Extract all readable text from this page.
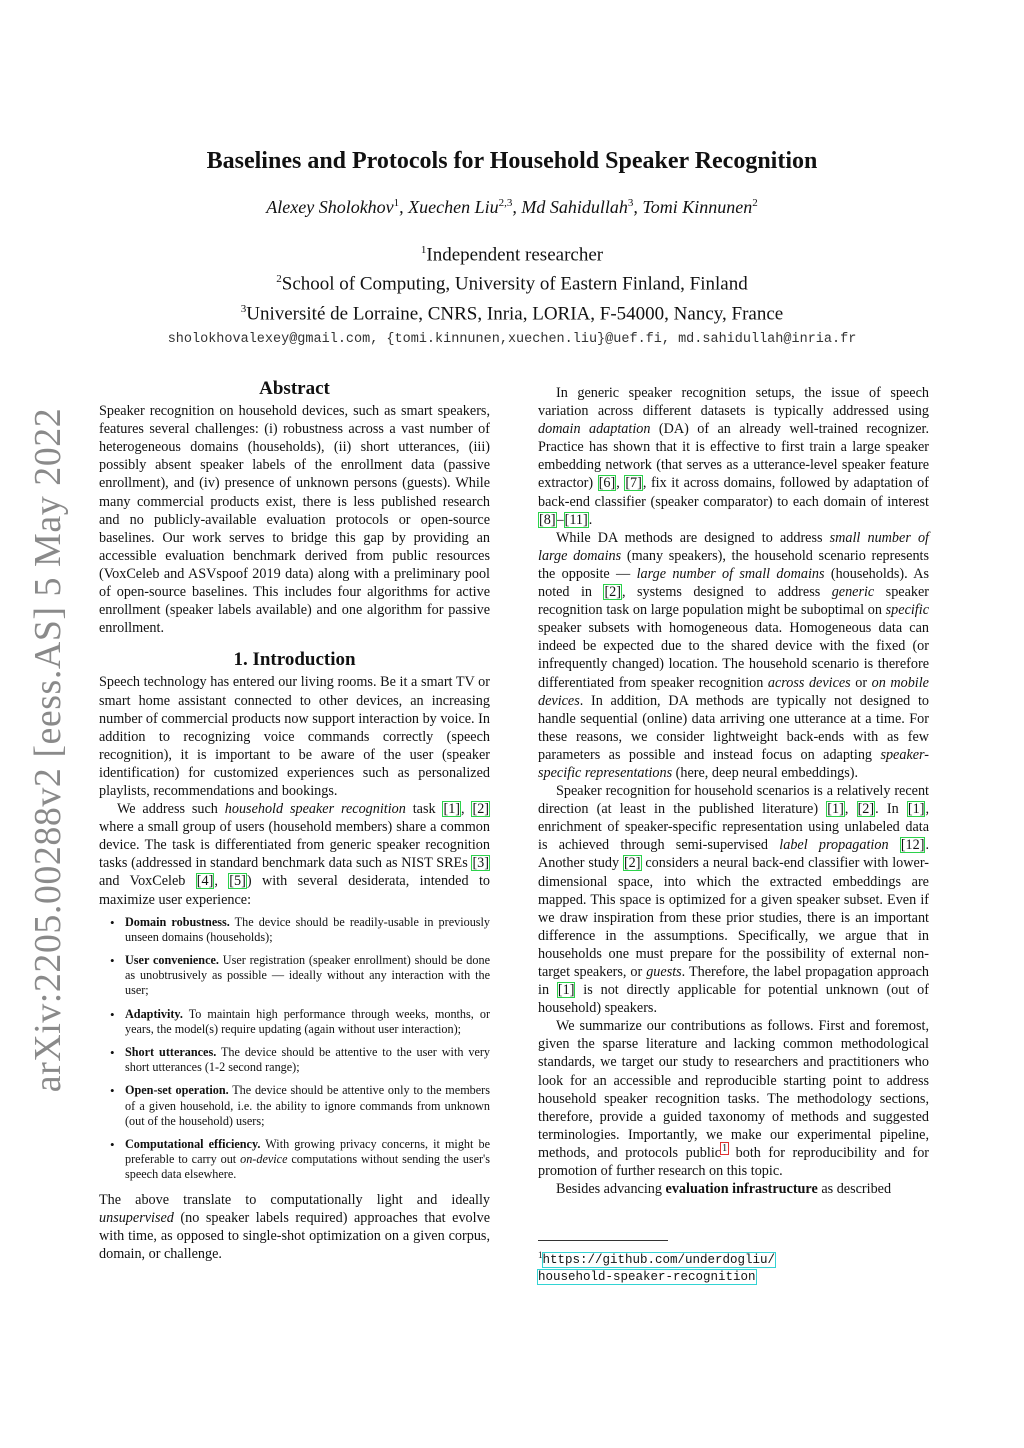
arXiv:2205.00288v2 [eess.AS] 5 May 2022
Baselines and Protocols for Household Speaker Recognition
Alexey Sholokhov$^1$, Xuechen Liu$^{2,3}$, Md Sahidullah$^3$, Tomi Kinnunen$^2$
$^1$Independent researcher
$^2$School of Computing, University of Eastern Finland, Finland
$^3$Université de Lorraine, CNRS, Inria, LORIA, F-54000, Nancy, France
sholokhovalexey@gmail.com, {tomi.kinnunen,xuechen.liu}@uef.fi, md.sahidullah@inria.fr
Abstract

Speaker recognition on household devices, such as smart speakers, features several challenges: (i) robustness across a vast number of heterogeneous domains (households), (ii) short utterances, (iii) possibly absent speaker labels of the enrollment data (passive enrollment), and (iv) presence of unknown persons (guests). While many commercial products exist, there is less published research and no publicly-available evaluation protocols or open-source baselines. Our work serves to bridge this gap by providing an accessible evaluation benchmark derived from public resources (VoxCeleb and ASVspoof 2019 data) along with a preliminary pool of open-source baselines. This includes four algorithms for active enrollment (speaker labels available) and one algorithm for passive enrollment.

1. Introduction

Speech technology has entered our living rooms. Be it a smart TV or smart home assistant connected to other devices, an increasing number of commercial products now support interaction by voice. In addition to recognizing voice commands correctly (speech recognition), it is important to be aware of the user (speaker identification) for customized experiences such as personalized playlists, recommendations and bookings.

We address such household speaker recognition task [1], [2] where a small group of users (household members) share a common device. The task is differentiated from generic speaker recognition tasks (addressed in standard benchmark data such as NIST SREs [3] and VoxCeleb [4], [5]) with several desiderata, intended to maximize user experience:

• Domain robustness. The device should be readily-usable in previously unseen domains (households);
• User convenience. User registration (speaker enrollment) should be done as unobtrusively as possible — ideally without any interaction with the user;
• Adaptivity. To maintain high performance through weeks, months, or years, the model(s) require updating (again without user interaction);
• Short utterances. The device should be attentive to the user with very short utterances (1-2 second range);
• Open-set operation. The device should be attentive only to the members of a given household, i.e. the ability to ignore commands from unknown (out of the household) users;
• Computational efficiency. With growing privacy concerns, it might be preferable to carry out on-device computations without sending the user's speech data elsewhere.

The above translate to computationally light and ideally unsupervised (no speaker labels required) approaches that evolve with time, as opposed to single-shot optimization on a given corpus, domain, or challenge.

In generic speaker recognition setups, the issue of speech variation across different datasets is typically addressed using domain adaptation (DA) of an already well-trained recognizer. Practice has shown that it is effective to first train a large speaker embedding network (that serves as a utterance-level speaker feature extractor) [6], [7], fix it across domains, followed by adaptation of back-end classifier (speaker comparator) to each domain of interest [8]–[11].

While DA methods are designed to address small number of large domains (many speakers), the household scenario represents the opposite — large number of small domains (households). As noted in [2], systems designed to address generic speaker recognition task on large population might be suboptimal on specific speaker subsets with homogeneous data. Homogeneous data can indeed be expected due to the shared device with the fixed (or infrequently changed) location. The household scenario is therefore differentiated from speaker recognition across devices or on mobile devices. In addition, DA methods are typically not designed to handle sequential (online) data arriving one utterance at a time. For these reasons, we consider lightweight back-ends with as few parameters as possible and instead focus on adapting speaker-specific representations (here, deep neural embeddings).

Speaker recognition for household scenarios is a relatively recent direction (at least in the published literature) [1], [2]. In [1], enrichment of speaker-specific representation using unlabeled data is achieved through semi-supervised label propagation [12]. Another study [2] considers a neural back-end classifier with lower-dimensional space, into which the extracted embeddings are mapped. This space is optimized for a given speaker subset. Even if we draw inspiration from these prior studies, there is an important difference in the assumptions. Specifically, we argue that in households one must prepare for the possibility of external non-target speakers, or guests. Therefore, the label propagation approach in [1] is not directly applicable for potential unknown (out of household) speakers.

We summarize our contributions as follows. First and foremost, given the sparse literature and lacking common methodological standards, we target our study to researchers and practitioners who look for an accessible and reproducible starting point to address household speaker recognition tasks. The methodology sections, therefore, provide a guided taxonomy of methods and suggested terminologies. Importantly, we make our experimental pipeline, methods, and protocols public$^1$ both for reproducibility and for promotion of further research on this topic.

Besides advancing evaluation infrastructure as described

$^1$https://github.com/underdogliu/
household-speaker-recognition
